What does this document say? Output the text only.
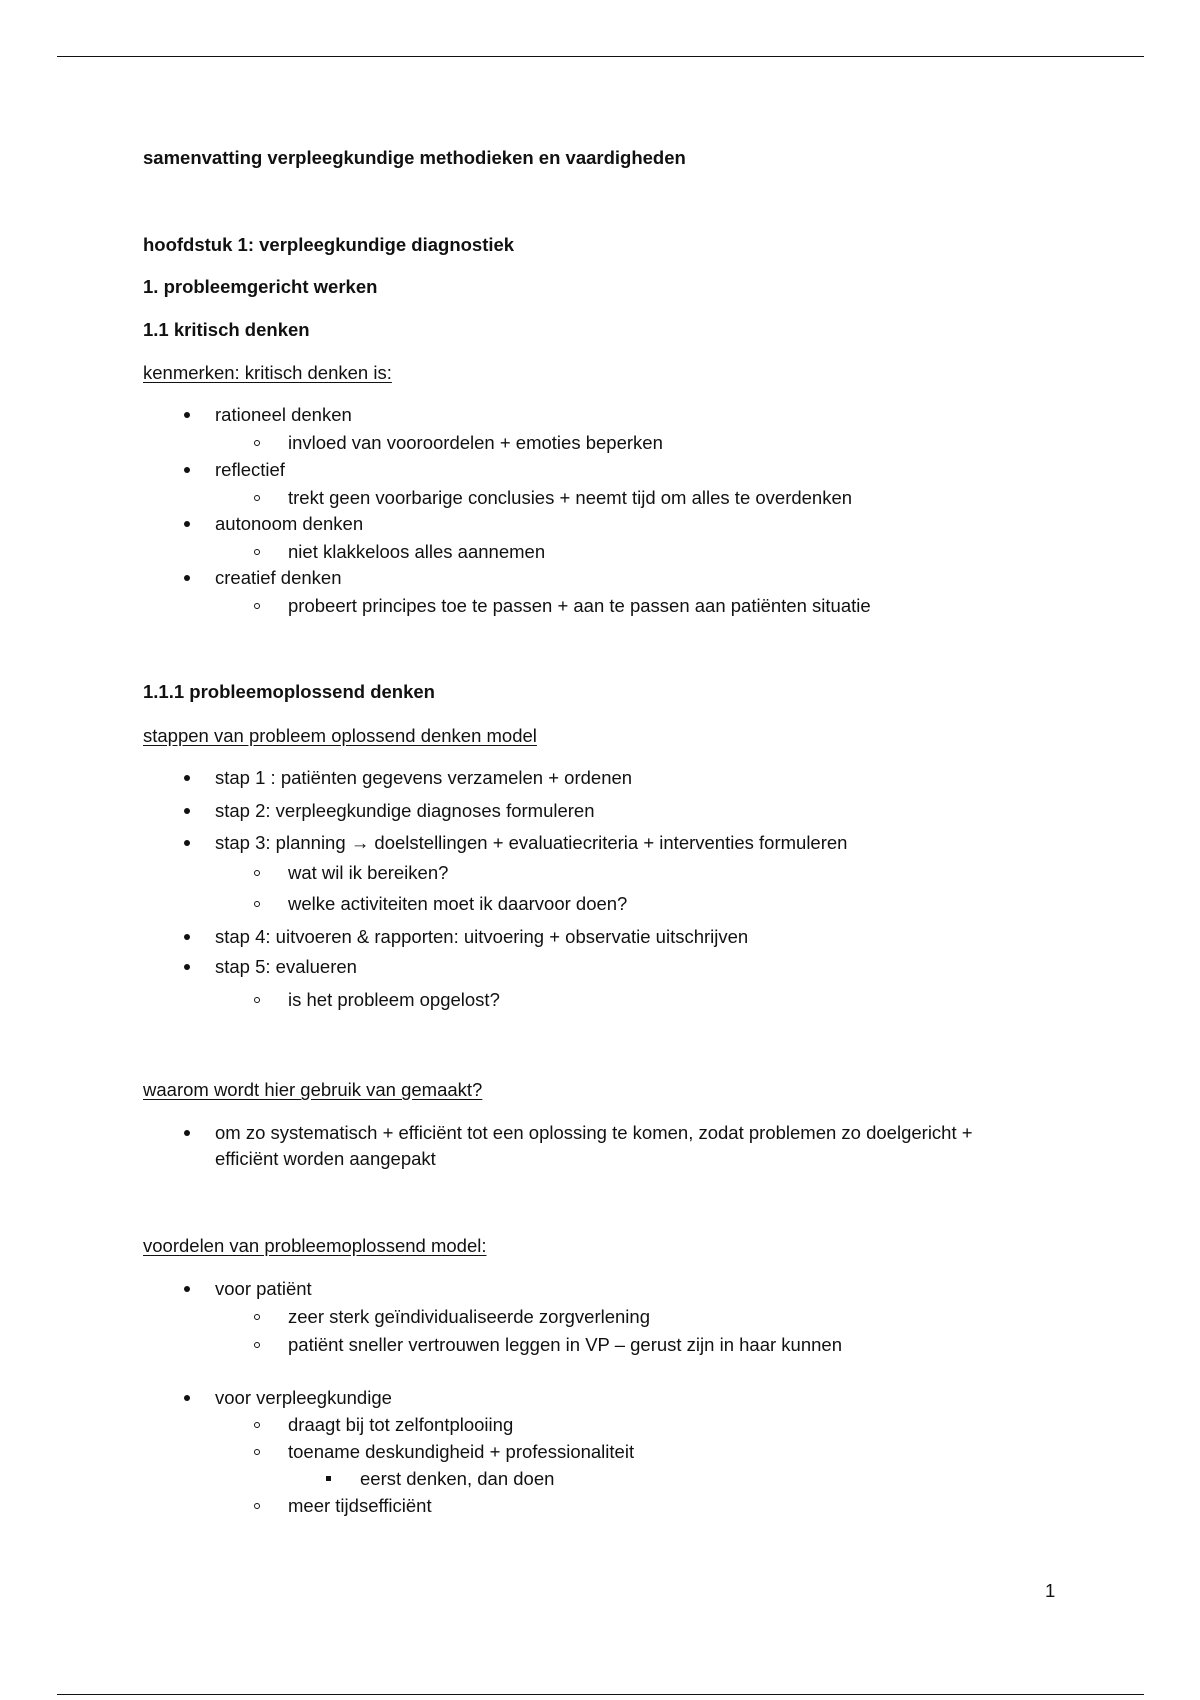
samenvatting verpleegkundige methodieken en vaardigheden
hoofdstuk 1: verpleegkundige diagnostiek
1. probleemgericht werken
1.1 kritisch denken
kenmerken: kritisch denken is:
rationeel denken
invloed van vooroordelen + emoties beperken
reflectief
trekt geen voorbarige conclusies + neemt tijd om alles te overdenken
autonoom denken
niet klakkeloos alles aannemen
creatief denken
probeert principes toe te passen + aan te passen aan patiënten situatie
1.1.1 probleemoplossend denken
stappen van probleem oplossend denken model
stap 1 : patiënten gegevens verzamelen + ordenen
stap 2: verpleegkundige diagnoses formuleren
stap 3: planning → doelstellingen + evaluatiecriteria + interventies formuleren
wat wil ik bereiken?
welke activiteiten moet ik daarvoor doen?
stap 4: uitvoeren & rapporten: uitvoering + observatie uitschrijven
stap 5: evalueren
is het probleem opgelost?
waarom wordt hier gebruik van gemaakt?
om zo systematisch + efficiënt tot een oplossing te komen, zodat problemen zo doelgericht +
efficiënt worden aangepakt
voordelen van probleemoplossend model:
voor patiënt
zeer sterk geïndividualiseerde zorgverlening
patiënt sneller vertrouwen leggen in VP – gerust zijn in haar kunnen
voor verpleegkundige
draagt bij tot zelfontplooiing
toename deskundigheid + professionaliteit
eerst denken, dan doen
meer tijdsefficiënt
1
